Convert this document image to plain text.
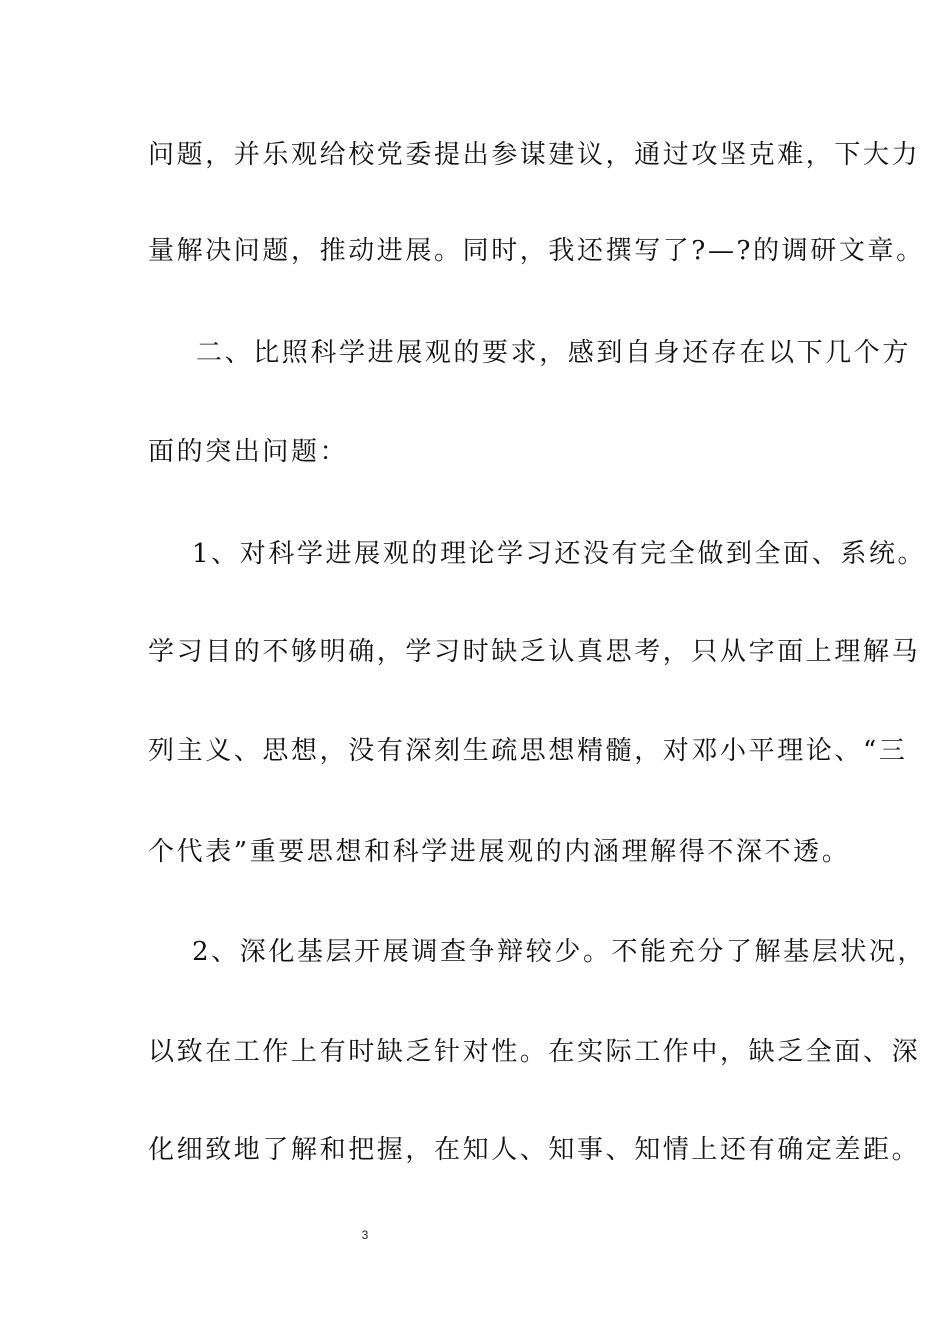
问题，并乐观给校党委提出参谋建议，通过攻坚克难，下大力
量解决问题，推动进展。同时，我还撰写了?—?的调研文章。
二、比照科学进展观的要求，感到自身还存在以下几个方
面的突出问题：
1、对科学进展观的理论学习还没有完全做到全面、系统。
学习目的不够明确，学习时缺乏认真思考，只从字面上理解马
列主义、思想，没有深刻生疏思想精髓，对邓小平理论、“三
个代表”重要思想和科学进展观的内涵理解得不深不透。
2、深化基层开展调查争辩较少。不能充分了解基层状况，
以致在工作上有时缺乏针对性。在实际工作中，缺乏全面、深
化细致地了解和把握，在知人、知事、知情上还有确定差距。
3
